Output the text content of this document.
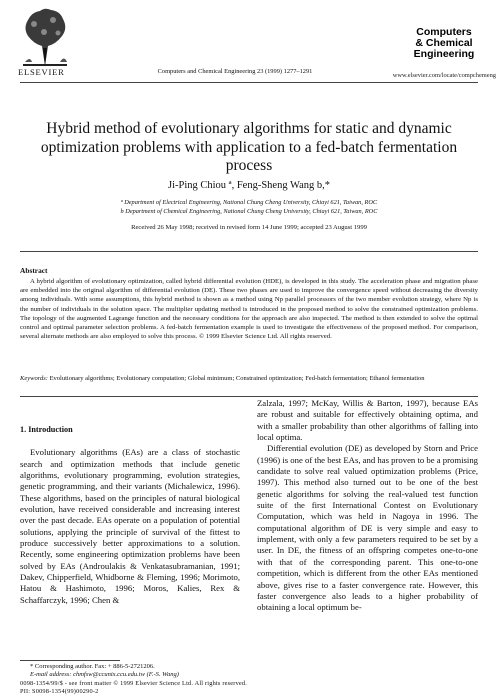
ELSEVIER	Computers and Chemical Engineering 23 (1999) 1277–1291
Computers
& Chemical
Engineering
www.elsevier.com/locate/compchemeng
Hybrid method of evolutionary algorithms for static and dynamic optimization problems with application to a fed-batch fermentation process
Ji-Ping Chiou ª, Feng-Sheng Wang b,*
ª Department of Electrical Engineering, National Chung Cheng University, Chiayi 621, Taiwan, ROC
b Department of Chemical Engineering, National Chung Cheng University, Chiayi 621, Taiwan, ROC
Received 26 May 1998; received in revised form 14 June 1999; accepted 23 August 1999
Abstract
A hybrid algorithm of evolutionary optimization, called hybrid differential evolution (HDE), is developed in this study. The acceleration phase and migration phase are embedded into the original algorithm of differential evolution (DE). These two phases are used to improve the convergence speed without decreasing the diversity among individuals. With some assumptions, this hybrid method is shown as a method using Np parallel processors of the two member evolution strategy, where Np is the number of individuals in the solution space. The multiplier updating method is introduced in the proposed method to solve the constrained optimization problems. The topology of the augmented Lagrange function and the necessary conditions for the approach are also inspected. The method is then extended to solve the optimal control and optimal parameter selection problems. A fed-batch fermentation example is used to investigate the effectiveness of the proposed method. For comparison, several alternate methods are also employed to solve this process. © 1999 Elsevier Science Ltd. All rights reserved.
Keywords: Evolutionary algorithms; Evolutionary computation; Global minimum; Constrained optimization; Fed-batch fermentation; Ethanol fermentation
1. Introduction

Evolutionary algorithms (EAs) are a class of stochastic search and optimization methods that include genetic algorithms, evolutionary programming, evolution strategies, genetic programming, and their variants (Michalewicz, 1996). These algorithms, based on the principles of natural biological evolution, have received considerable and increasing interest over the past decade. EAs operate on a population of potential solutions, applying the principle of survival of the fittest to produce successively better approximations to a solution. Recently, some engineering optimization problems have been solved by EAs (Androulakis & Venkatasubramanian, 1991; Dakev, Chipperfield, Whidborne & Fleming, 1996; Morimoto, Hatou & Hashimoto, 1996; Moros, Kalies, Rex & Schaffarczyk, 1996; Chen &

Zalzala, 1997; McKay, Willis & Barton, 1997), because EAs are robust and suitable for effectively obtaining optima, and with a smaller probability than other algorithms of falling into local optima.

Differential evolution (DE) as developed by Storn and Price (1996) is one of the best EAs, and has proven to be a promising candidate to solve real valued optimization problems (Price, 1997). This method also turned out to be one of the best genetic algorithms for solving the real-valued test function suite of the first International Contest on Evolutionary Computation, which was held in Nagoya in 1996. The computational algorithm of DE is very simple and easy to implement, with only a few parameters required to be set by a user. In DE, the fitness of an offspring competes one-to-one with that of the corresponding parent. This one-to-one competition, which is different from the other EAs mentioned above, gives rise to a faster convergence rate. However, this faster convergence also leads to a higher probability of obtaining a local optimum be-

* Corresponding author. Fax: + 886-5-2721206.
E-mail address: chmfsw@ccunix.ccu.edu.tw (F.-S. Wang)
0098-1354/99/$ - see front matter © 1999 Elsevier Science Ltd. All rights reserved.
PII: S0098-1354(99)00290-2
